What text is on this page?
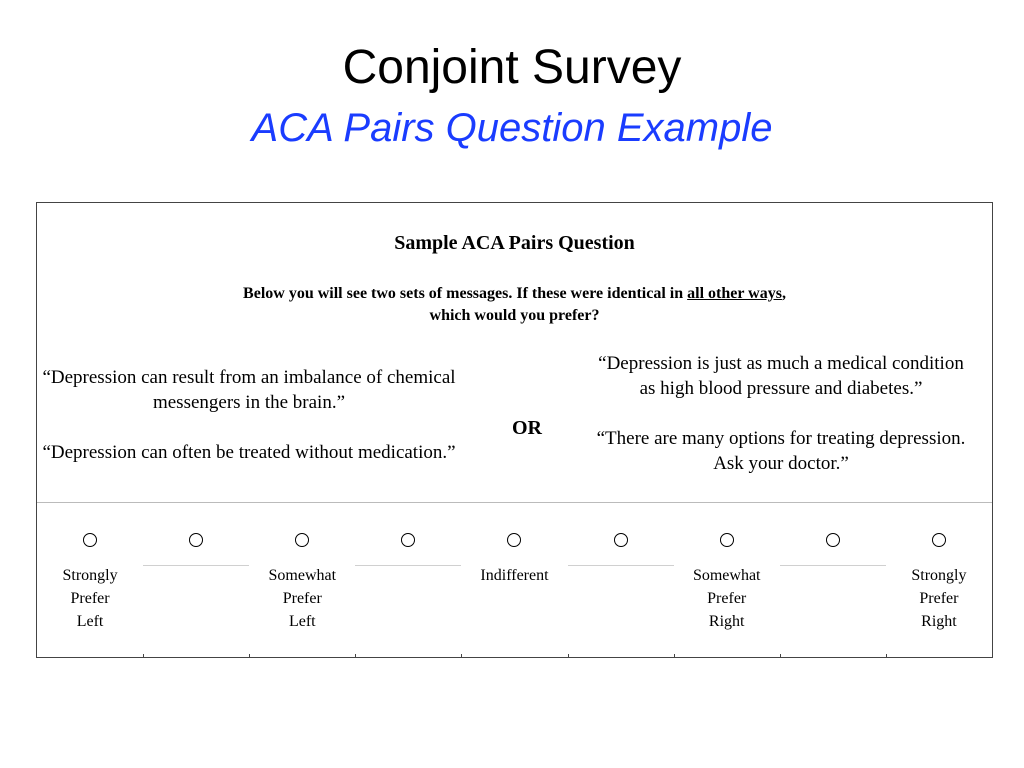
Conjoint Survey
ACA Pairs Question Example
Sample ACA Pairs Question
Below you will see two sets of messages. If these were identical in all other ways,
which would you prefer?

“Depression can result from an imbalance of chemical messengers in the brain.”

“Depression can often be treated without medication.”

OR

“Depression is just as much a medical condition as high blood pressure and diabetes.”

“There are many options for treating depression. Ask your doctor.”

Strongly
Prefer
Left
Somewhat
Prefer
Left
Indifferent	Somewhat
Prefer
Right
Strongly
Prefer
Right
